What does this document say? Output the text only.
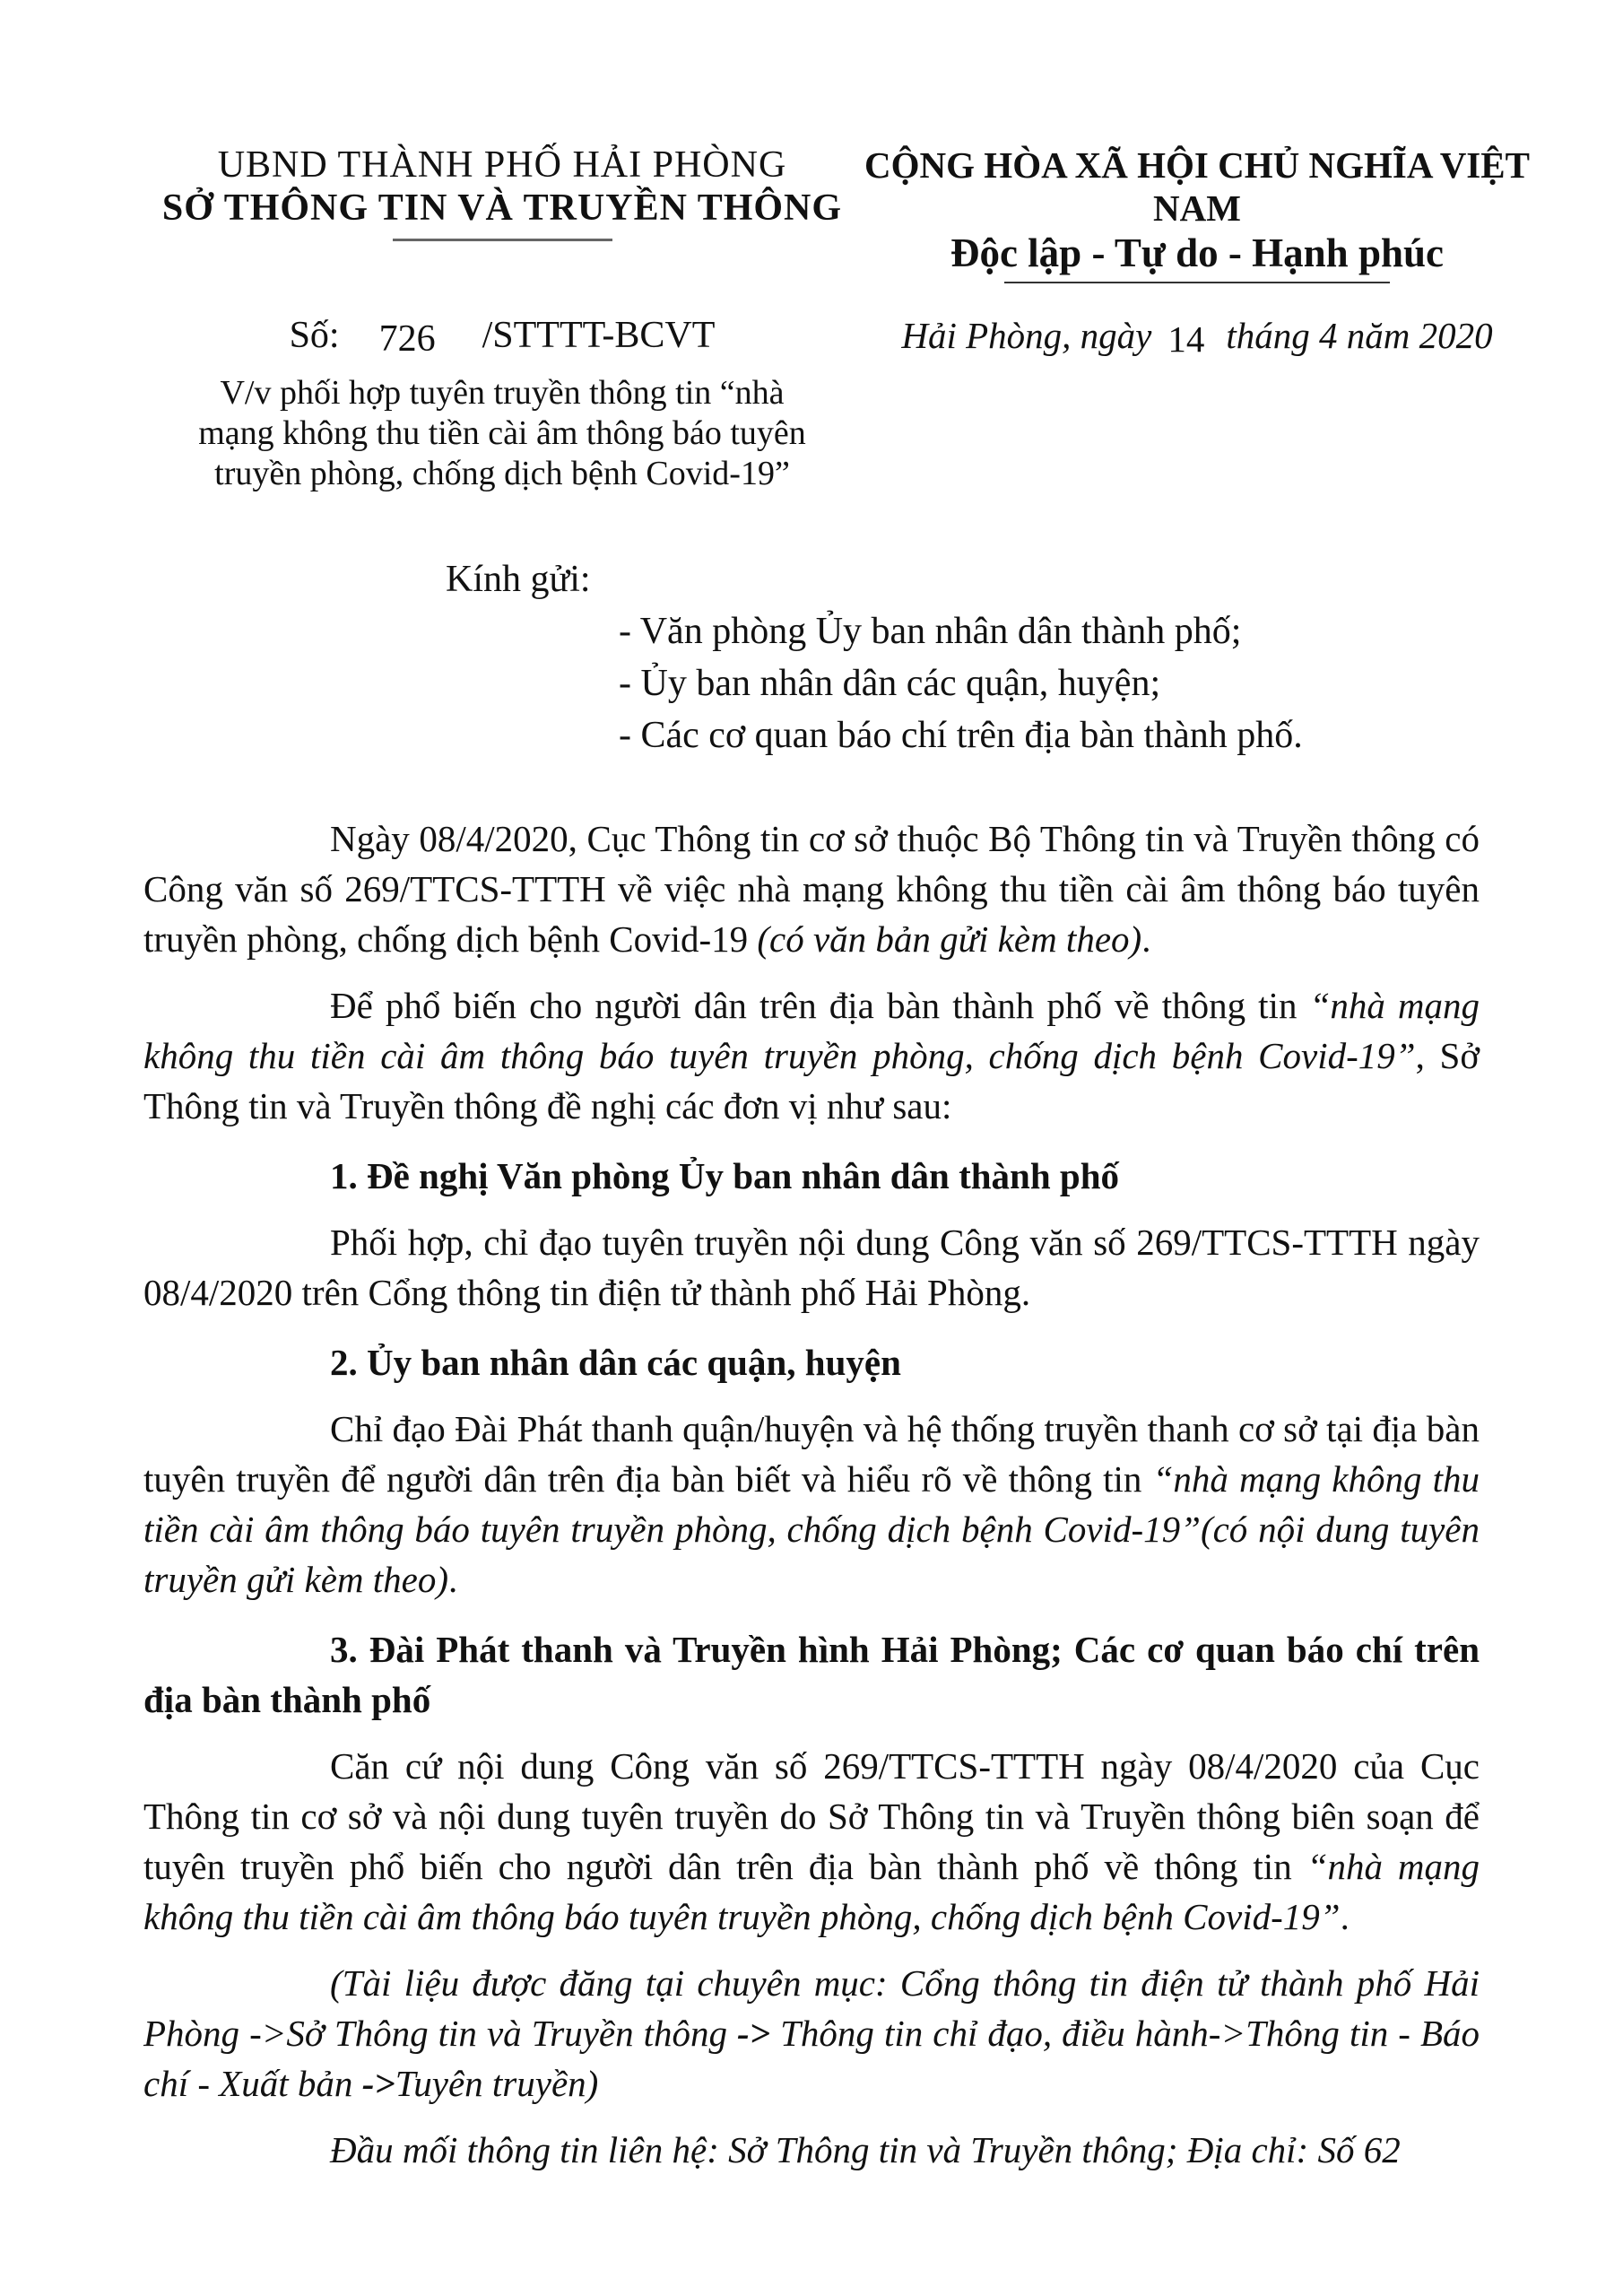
UBND THÀNH PHỐ HẢI PHÒNG
SỞ THÔNG TIN VÀ TRUYỀN THÔNG
CỘNG HÒA XÃ HỘI CHỦ NGHĨA VIỆT NAM
Độc lập - Tự do - Hạnh phúc
Số: 726 /STTTT-BCVT	Hải Phòng, ngày 14 tháng 4 năm 2020
V/v phối hợp tuyên truyền thông tin “nhà mạng không thu tiền cài âm thông báo tuyên truyền phòng, chống dịch bệnh Covid-19”
Kính gửi:
- Văn phòng Ủy ban nhân dân thành phố;
- Ủy ban nhân dân các quận, huyện;
- Các cơ quan báo chí trên địa bàn thành phố.

Ngày 08/4/2020, Cục Thông tin cơ sở thuộc Bộ Thông tin và Truyền thông có Công văn số 269/TTCS-TTTH về việc nhà mạng không thu tiền cài âm thông báo tuyên truyền phòng, chống dịch bệnh Covid-19 (có văn bản gửi kèm theo).

Để phổ biến cho người dân trên địa bàn thành phố về thông tin “nhà mạng không thu tiền cài âm thông báo tuyên truyền phòng, chống dịch bệnh Covid-19”, Sở Thông tin và Truyền thông đề nghị các đơn vị như sau:

1. Đề nghị Văn phòng Ủy ban nhân dân thành phố

Phối hợp, chỉ đạo tuyên truyền nội dung Công văn số 269/TTCS-TTTH ngày 08/4/2020 trên Cổng thông tin điện tử thành phố Hải Phòng.

2. Ủy ban nhân dân các quận, huyện

Chỉ đạo Đài Phát thanh quận/huyện và hệ thống truyền thanh cơ sở tại địa bàn tuyên truyền để người dân trên địa bàn biết và hiểu rõ về thông tin “nhà mạng không thu tiền cài âm thông báo tuyên truyền phòng, chống dịch bệnh Covid-19”(có nội dung tuyên truyền gửi kèm theo).

3. Đài Phát thanh và Truyền hình Hải Phòng; Các cơ quan báo chí trên địa bàn thành phố

Căn cứ nội dung Công văn số 269/TTCS-TTTH ngày 08/4/2020 của Cục Thông tin cơ sở và nội dung tuyên truyền do Sở Thông tin và Truyền thông biên soạn để tuyên truyền phổ biến cho người dân trên địa bàn thành phố về thông tin “nhà mạng không thu tiền cài âm thông báo tuyên truyền phòng, chống dịch bệnh Covid-19”.

(Tài liệu được đăng tại chuyên mục: Cổng thông tin điện tử thành phố Hải Phòng ->Sở Thông tin và Truyền thông -> Thông tin chỉ đạo, điều hành->Thông tin - Báo chí - Xuất bản ->Tuyên truyền)

Đầu mối thông tin liên hệ: Sở Thông tin và Truyền thông; Địa chỉ: Số 62
